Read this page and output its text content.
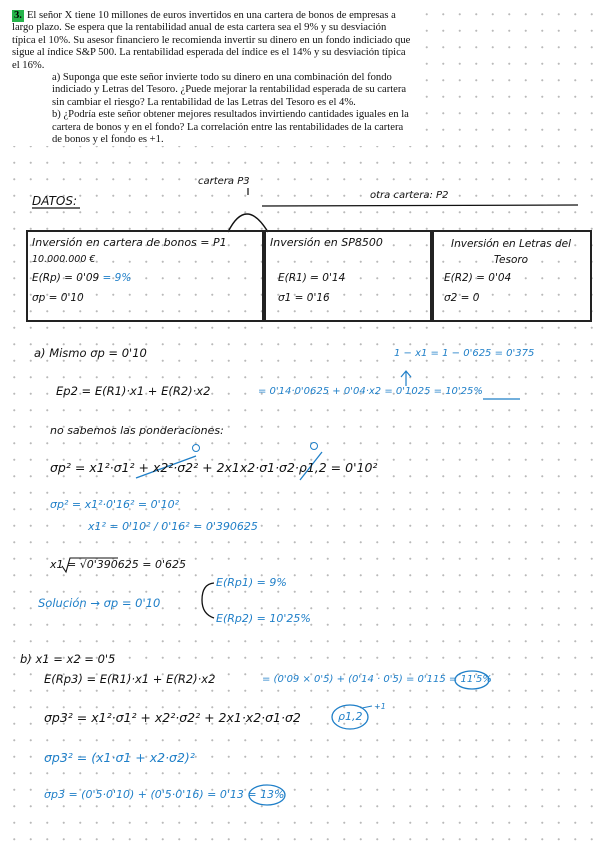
3. El señor X tiene 10 millones de euros invertidos en una cartera de bonos de empresas a largo plazo. Se espera que la rentabilidad anual de esta cartera sea el 9% y su desviación típica el 10%. Su asesor financiero le recomienda invertir su dinero en un fondo indiciado que sigue al índice S&P 500. La rentabilidad esperada del índice es el 14% y su desviación típica el 16%.

a) Suponga que este señor invierte todo su dinero en una combinación del fondo indiciado y Letras del Tesoro. ¿Puede mejorar la rentabilidad esperada de su cartera sin cambiar el riesgo? La rentabilidad de las Letras del Tesoro es el 4%.

b) ¿Podría este señor obtener mejores resultados invirtiendo cantidades iguales en la cartera de bonos y en el fondo? La correlación entre las rentabilidades de la cartera de bonos y el fondo es +1.

DATOS:
cartera P3
otra cartera: P2
Inversión en cartera de bonos = P1
10.000.000 €
E(Rp) = 0'09 = 9%
σp = 0'10
Inversión en SP8500
E(R1) = 0'14
σ1 = 0'16
Inversión en Letras del Tesoro
E(R2) = 0'04
σ2 = 0
a) Mismo σp = 0'10	1 − x1 = 1 − 0'625 = 0'375
Ep2 = E(R1)·x1 + E(R2)·x2	= 0'14·0'0625 + 0'04·x2 = 0'1025 = 10'25%
no sabemos las ponderaciones:
σp² = x1²·σ1² + x2²·σ2² + 2x1x2·σ1·σ2·ρ1,2 = 0'10²
σp² = x1²·0'16² = 0'10²
x1² = 0'10² / 0'16² = 0'390625
x1 = √0'390625 = 0'625
Solución → σp = 0'10
E(Rp1) = 9%
E(Rp2) = 10'25%
b) x1 = x2 = 0'5
E(Rp3) = E(R1)·x1 + E(R2)·x2	= (0'09 × 0'5) + (0'14 · 0'5) = 0'115 = 11'5%
σp3² = x1²·σ1² + x2²·σ2² + 2x1·x2·σ1·σ2	ρ1,2
+1
σp3² = (x1·σ1 + x2·σ2)²
σp3 = (0'5·0'10) + (0'5·0'16) = 0'13 = 13%
